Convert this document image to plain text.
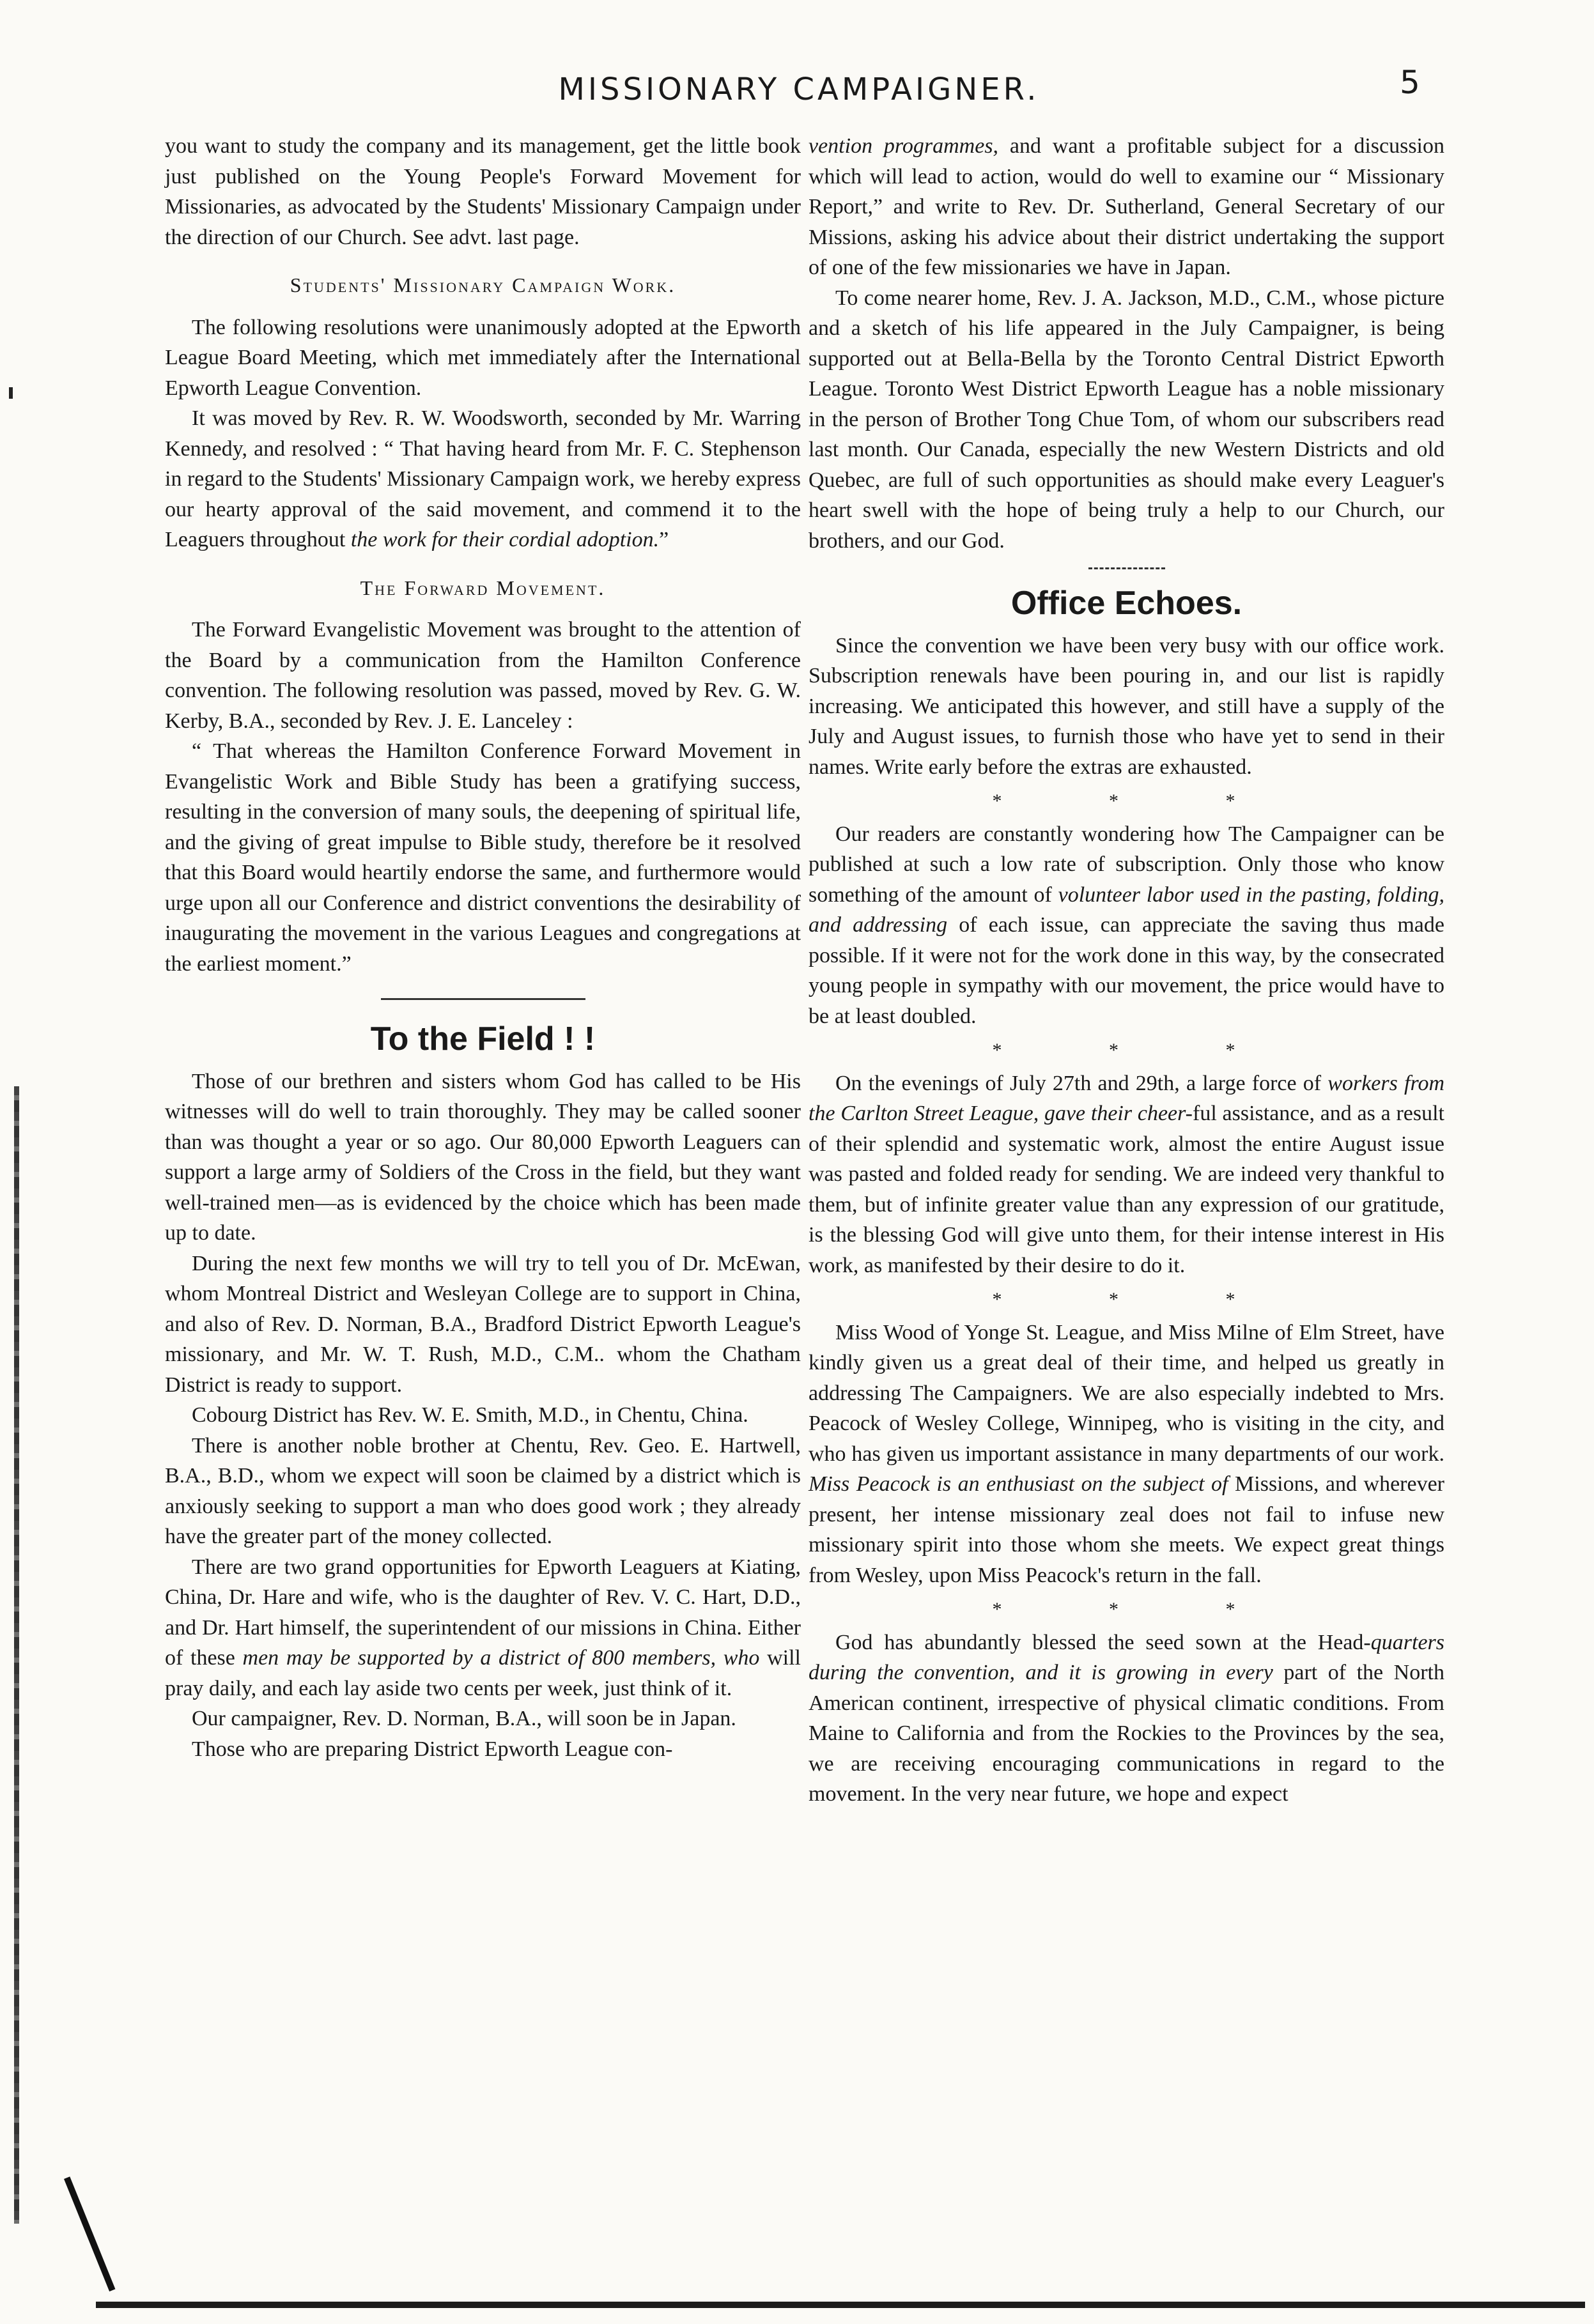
MISSIONARY CAMPAIGNER.	5

you want to study the company and its management, get the little book just published on the Young People's Forward Movement for Missionaries, as advocated by the Students' Missionary Campaign under the direction of our Church. See advt. last page.

Students' Missionary Campaign Work.

The following resolutions were unanimously adopted at the Epworth League Board Meeting, which met immediately after the International Epworth League Convention.

It was moved by Rev. R. W. Woodsworth, seconded by Mr. Warring Kennedy, and resolved : “ That having heard from Mr. F. C. Stephenson in regard to the Students' Missionary Campaign work, we hereby express our hearty approval of the said movement, and commend it to the Leaguers throughout the work for their cordial adoption.”

The Forward Movement.

The Forward Evangelistic Movement was brought to the attention of the Board by a communication from the Hamilton Conference convention. The following resolution was passed, moved by Rev. G. W. Kerby, B.A., seconded by Rev. J. E. Lanceley :

“ That whereas the Hamilton Conference Forward Movement in Evangelistic Work and Bible Study has been a gratifying success, resulting in the conversion of many souls, the deepening of spiritual life, and the giving of great impulse to Bible study, therefore be it resolved that this Board would heartily endorse the same, and furthermore would urge upon all our Conference and district conventions the desirability of inaugurating the movement in the various Leagues and congregations at the earliest moment.”

To the Field ! !

Those of our brethren and sisters whom God has called to be His witnesses will do well to train thoroughly. They may be called sooner than was thought a year or so ago. Our 80,000 Epworth Leaguers can support a large army of Soldiers of the Cross in the field, but they want well-trained men—as is evidenced by the choice which has been made up to date.

During the next few months we will try to tell you of Dr. McEwan, whom Montreal District and Wesleyan College are to support in China, and also of Rev. D. Norman, B.A., Bradford District Epworth League's missionary, and Mr. W. T. Rush, M.D., C.M.. whom the Chatham District is ready to support.

Cobourg District has Rev. W. E. Smith, M.D., in Chentu, China.

There is another noble brother at Chentu, Rev. Geo. E. Hartwell, B.A., B.D., whom we expect will soon be claimed by a district which is anxiously seeking to support a man who does good work ; they already have the greater part of the money collected.

There are two grand opportunities for Epworth Leaguers at Kiating, China, Dr. Hare and wife, who is the daughter of Rev. V. C. Hart, D.D., and Dr. Hart himself, the superintendent of our missions in China. Either of these men may be supported by a district of 800 members, who will pray daily, and each lay aside two cents per week, just think of it.

Our campaigner, Rev. D. Norman, B.A., will soon be in Japan.

Those who are preparing District Epworth League con-

vention programmes, and want a profitable subject for a discussion which will lead to action, would do well to examine our “ Missionary Report,” and write to Rev. Dr. Sutherland, General Secretary of our Missions, asking his advice about their district undertaking the support of one of the few missionaries we have in Japan.

To come nearer home, Rev. J. A. Jackson, M.D., C.M., whose picture and a sketch of his life appeared in the July Campaigner, is being supported out at Bella-Bella by the Toronto Central District Epworth League. Toronto West District Epworth League has a noble missionary in the person of Brother Tong Chue Tom, of whom our subscribers read last month. Our Canada, especially the new Western Districts and old Quebec, are full of such opportunities as should make every Leaguer's heart swell with the hope of being truly a help to our Church, our brothers, and our God.

Office Echoes.

Since the convention we have been very busy with our office work. Subscription renewals have been pouring in, and our list is rapidly increasing. We anticipated this however, and still have a supply of the July and August issues, to furnish those who have yet to send in their names. Write early before the extras are exhausted.

* * *

Our readers are constantly wondering how The Campaigner can be published at such a low rate of subscription. Only those who know something of the amount of volunteer labor used in the pasting, folding, and addressing of each issue, can appreciate the saving thus made possible. If it were not for the work done in this way, by the consecrated young people in sympathy with our movement, the price would have to be at least doubled.

* * *

On the evenings of July 27th and 29th, a large force of workers from the Carlton Street League, gave their cheer-ful assistance, and as a result of their splendid and systematic work, almost the entire August issue was pasted and folded ready for sending. We are indeed very thankful to them, but of infinite greater value than any expression of our gratitude, is the blessing God will give unto them, for their intense interest in His work, as manifested by their desire to do it.

* * *

Miss Wood of Yonge St. League, and Miss Milne of Elm Street, have kindly given us a great deal of their time, and helped us greatly in addressing The Campaigners. We are also especially indebted to Mrs. Peacock of Wesley College, Winnipeg, who is visiting in the city, and who has given us important assistance in many departments of our work. Miss Peacock is an enthusiast on the subject of Missions, and wherever present, her intense missionary zeal does not fail to infuse new missionary spirit into those whom she meets. We expect great things from Wesley, upon Miss Peacock's return in the fall.

* * *

God has abundantly blessed the seed sown at the Head-quarters during the convention, and it is growing in every part of the North American continent, irrespective of physical climatic conditions. From Maine to California and from the Rockies to the Provinces by the sea, we are receiving encouraging communications in regard to the movement. In the very near future, we hope and expect
